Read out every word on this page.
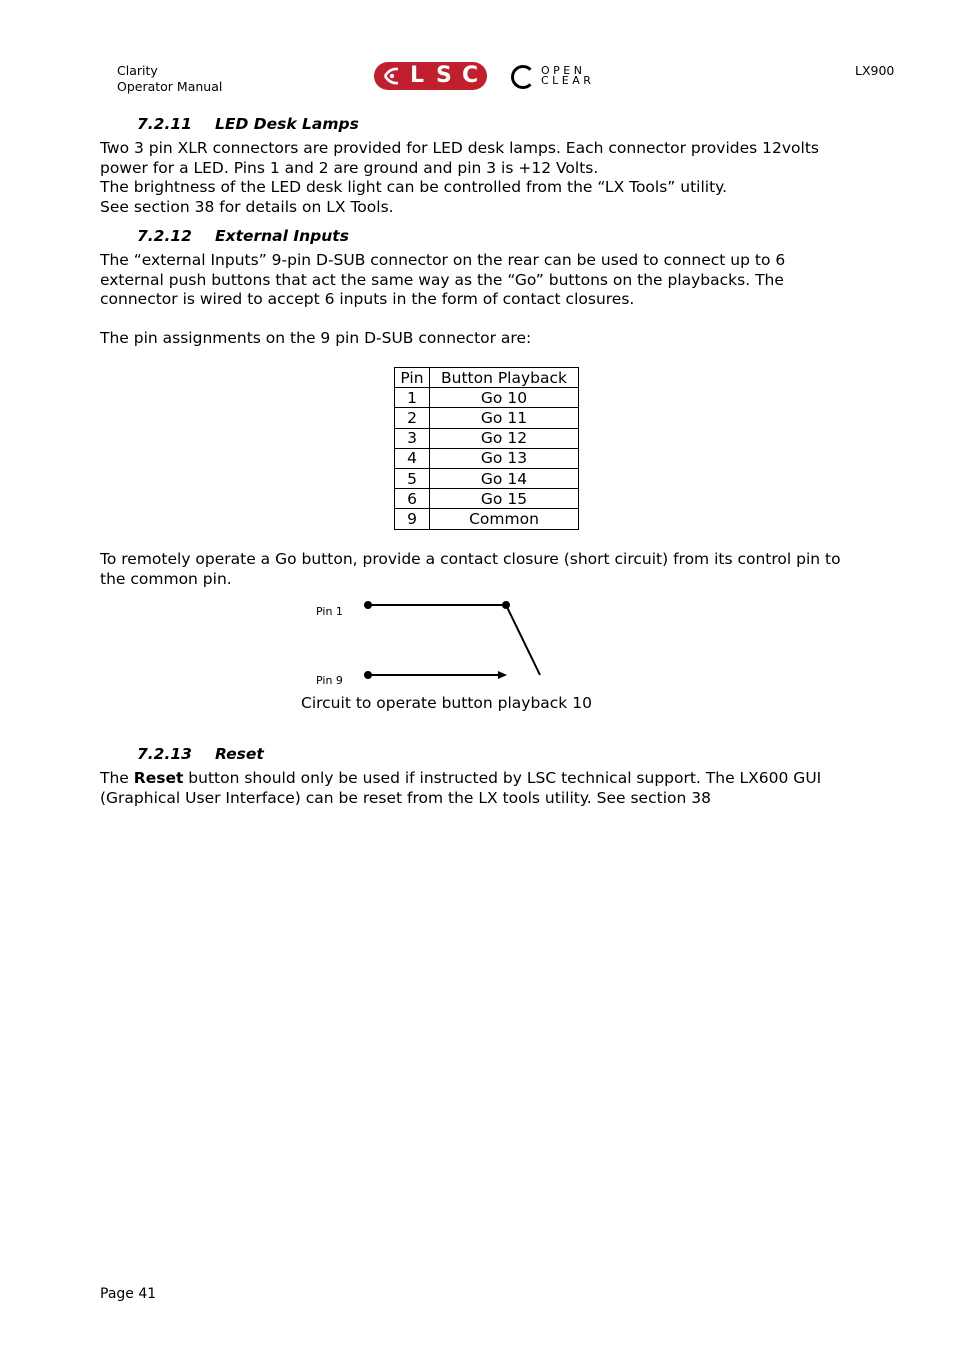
Clarity
Operator Manual	L S C	OPEN
CLEAR
LX900
7.2.11 LED Desk Lamps
Two 3 pin XLR connectors are provided for LED desk lamps. Each connector provides 12volts
power for a LED. Pins 1 and 2 are ground and pin 3 is +12 Volts.
The brightness of the LED desk light can be controlled from the “LX Tools” utility.
See section 38 for details on LX Tools.
7.2.12 External Inputs
The “external Inputs” 9-pin D-SUB connector on the rear can be used to connect up to 6
external push buttons that act the same way as the “Go” buttons on the playbacks. The
connector is wired to accept 6 inputs in the form of contact closures.
The pin assignments on the 9 pin D-SUB connector are:
Pin	Button Playback
1	Go 10
2	Go 11
3	Go 12
4	Go 13
5	Go 14
6	Go 15
9	Common
To remotely operate a Go button, provide a contact closure (short circuit) from its control pin to
the common pin.
Pin 1
Pin 9
Circuit to operate button playback 10
7.2.13 Reset
The Reset button should only be used if instructed by LSC technical support. The LX600 GUI
(Graphical User Interface) can be reset from the LX tools utility. See section 38
Page 41
